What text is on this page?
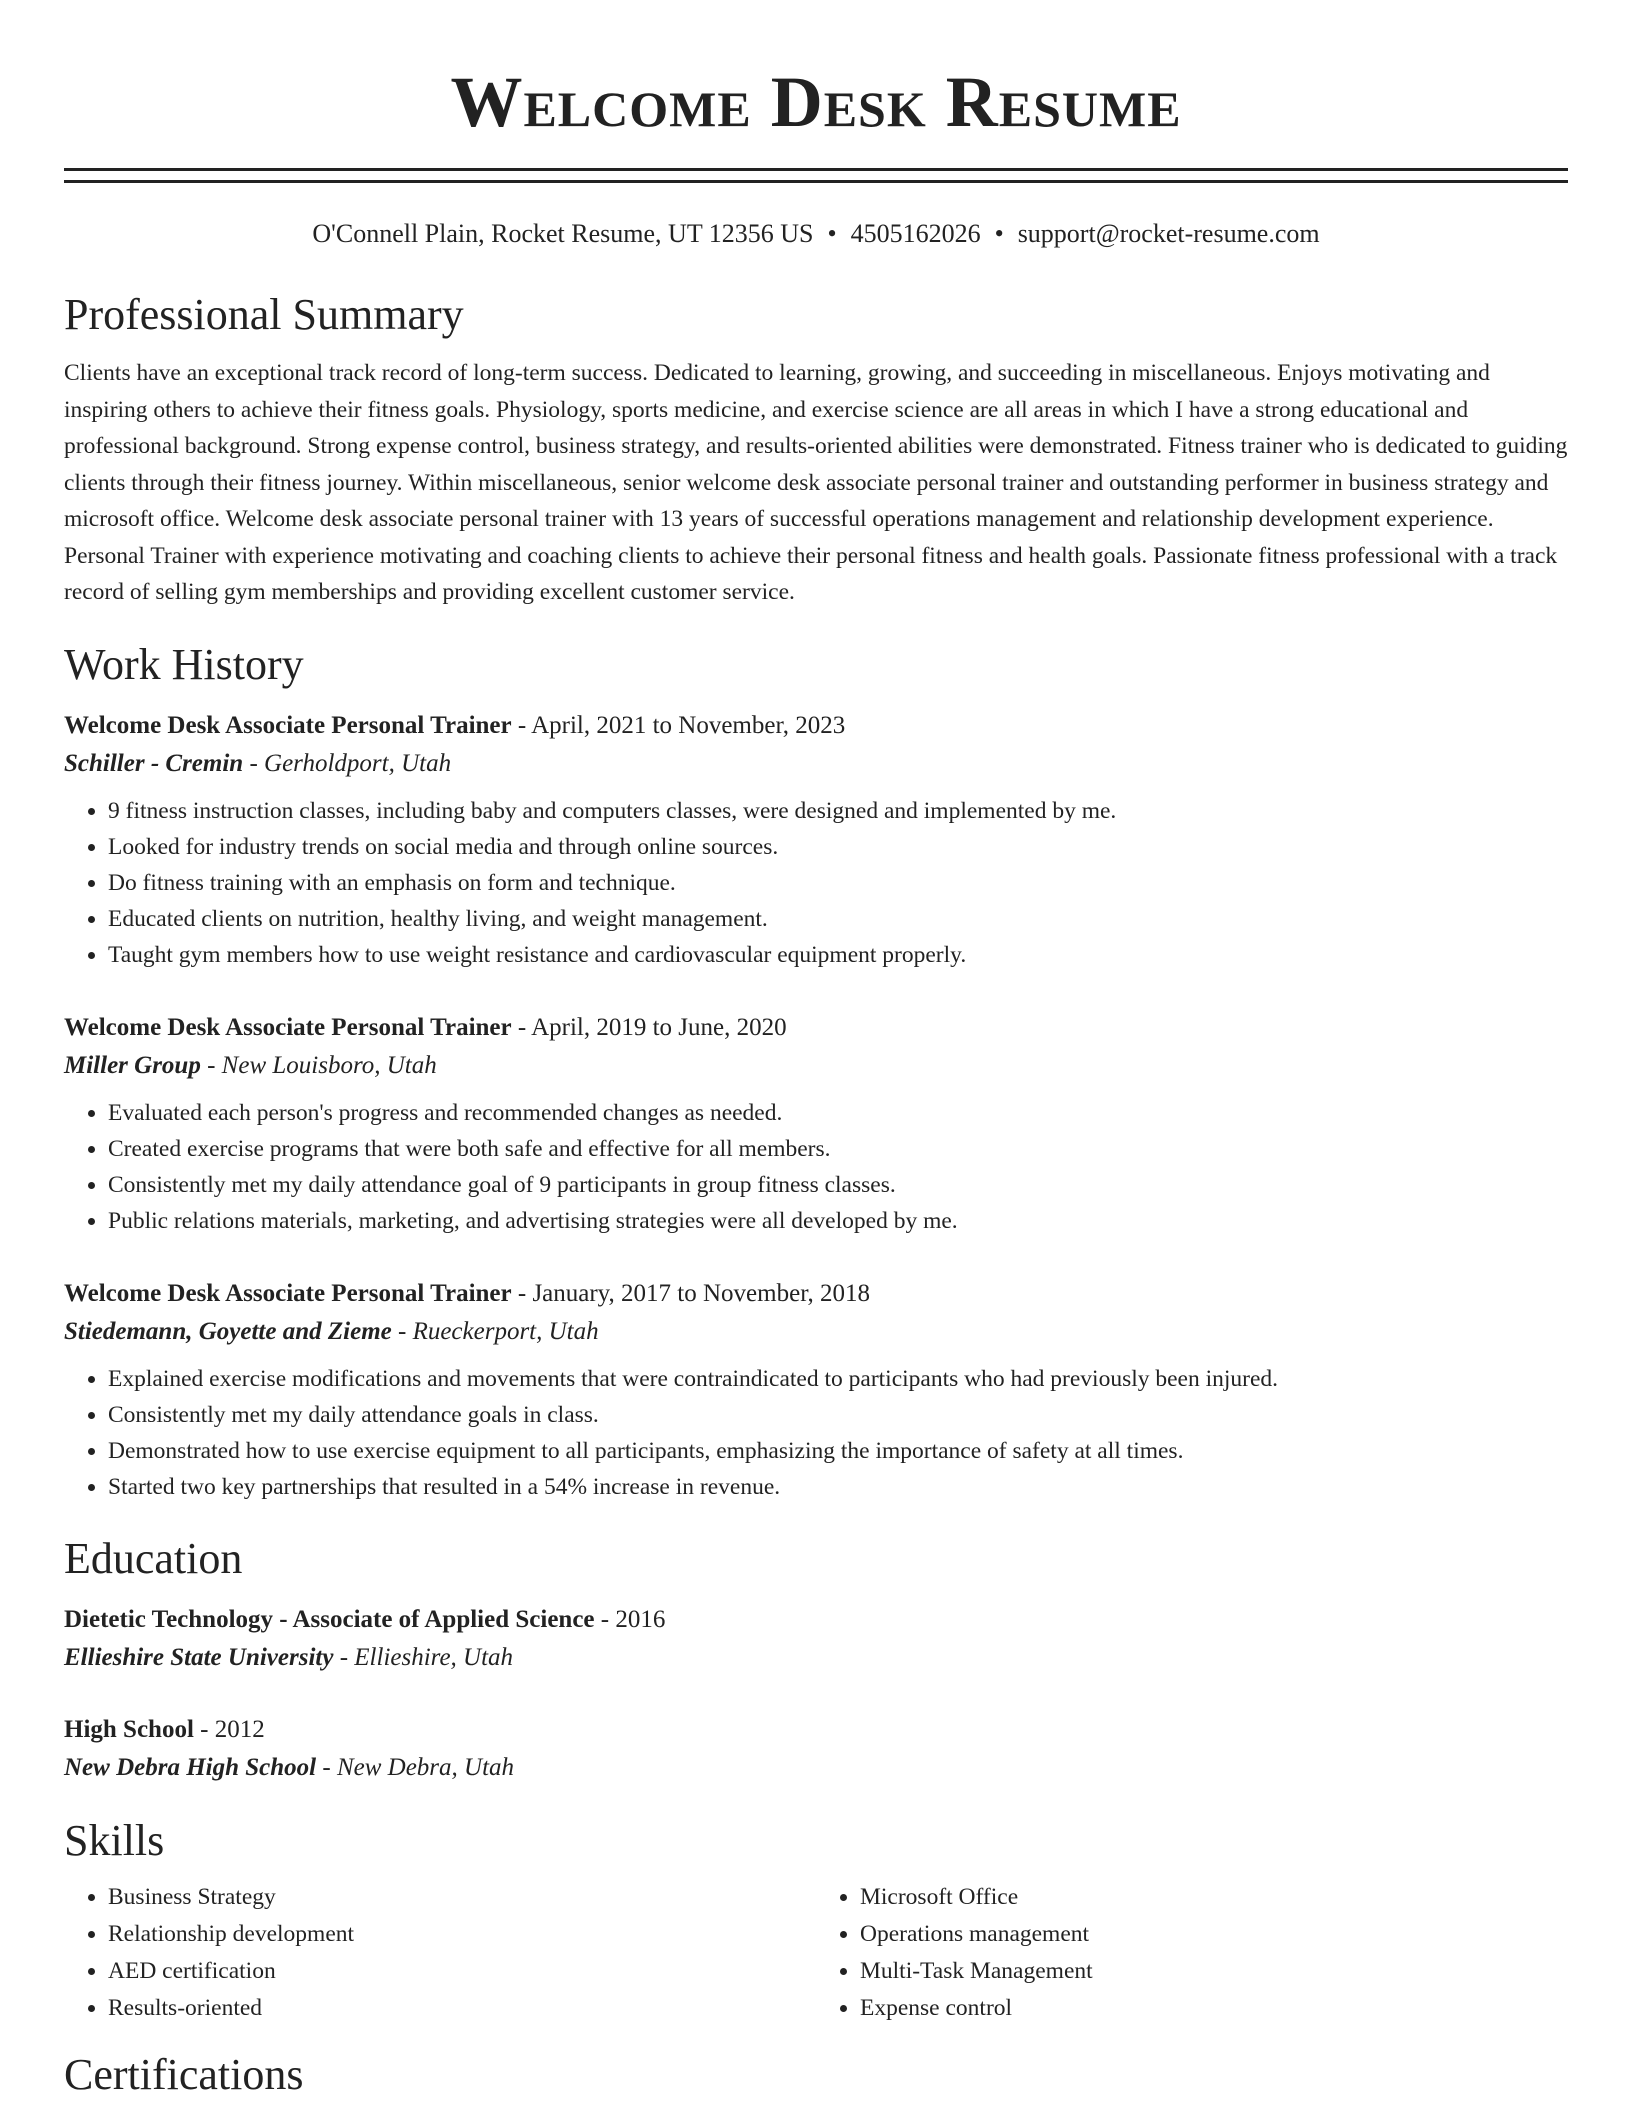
Welcome Desk Resume
O'Connell Plain, Rocket Resume, UT 12356 US • 4505162026 • support@rocket-resume.com
Professional Summary

Clients have an exceptional track record of long-term success. Dedicated to learning, growing, and succeeding in miscellaneous. Enjoys motivating and inspiring others to achieve their fitness goals. Physiology, sports medicine, and exercise science are all areas in which I have a strong educational and professional background. Strong expense control, business strategy, and results-oriented abilities were demonstrated. Fitness trainer who is dedicated to guiding clients through their fitness journey. Within miscellaneous, senior welcome desk associate personal trainer and outstanding performer in business strategy and microsoft office. Welcome desk associate personal trainer with 13 years of successful operations management and relationship development experience. Personal Trainer with experience motivating and coaching clients to achieve their personal fitness and health goals. Passionate fitness professional with a track record of selling gym memberships and providing excellent customer service.

Work History
Welcome Desk Associate Personal Trainer - April, 2021 to November, 2023
Schiller - Cremin - Gerholdport, Utah
• 9 fitness instruction classes, including baby and computers classes, were designed and implemented by me.
• Looked for industry trends on social media and through online sources.
• Do fitness training with an emphasis on form and technique.
• Educated clients on nutrition, healthy living, and weight management.
• Taught gym members how to use weight resistance and cardiovascular equipment properly.
Welcome Desk Associate Personal Trainer - April, 2019 to June, 2020
Miller Group - New Louisboro, Utah
• Evaluated each person's progress and recommended changes as needed.
• Created exercise programs that were both safe and effective for all members.
• Consistently met my daily attendance goal of 9 participants in group fitness classes.
• Public relations materials, marketing, and advertising strategies were all developed by me.
Welcome Desk Associate Personal Trainer - January, 2017 to November, 2018
Stiedemann, Goyette and Zieme - Rueckerport, Utah
• Explained exercise modifications and movements that were contraindicated to participants who had previously been injured.
• Consistently met my daily attendance goals in class.
• Demonstrated how to use exercise equipment to all participants, emphasizing the importance of safety at all times.
• Started two key partnerships that resulted in a 54% increase in revenue.
Education
Dietetic Technology - Associate of Applied Science - 2016
Ellieshire State University - Ellieshire, Utah
High School - 2012
New Debra High School - New Debra, Utah
Skills
• Business Strategy
• Relationship development
• AED certification
• Results-oriented
• Microsoft Office
• Operations management
• Multi-Task Management
• Expense control
Certifications
